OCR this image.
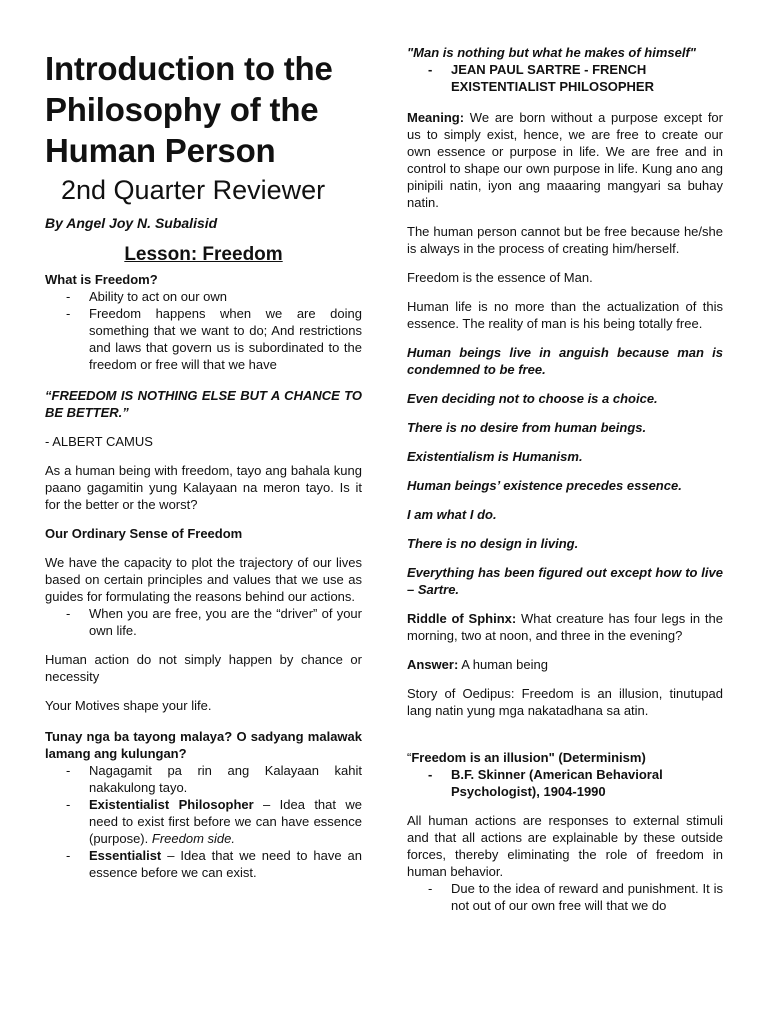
Introduction to the Philosophy of the Human Person
2nd Quarter Reviewer
By Angel Joy N. Subalisid
Lesson: Freedom

What is Freedom?

- Ability to act on our own
- Freedom happens when we are doing something that we want to do; And restrictions and laws that govern us is subordinated to the freedom or free will that we have

“FREEDOM IS NOTHING ELSE BUT A CHANCE TO BE BETTER.”

- ALBERT CAMUS

As a human being with freedom, tayo ang bahala kung paano gagamitin yung Kalayaan na meron tayo. Is it for the better or the worst?

Our Ordinary Sense of Freedom

We have the capacity to plot the trajectory of our lives based on certain principles and values that we use as guides for formulating the reasons behind our actions.

- When you are free, you are the “driver” of your own life.

Human action do not simply happen by chance or necessity

Your Motives shape your life.

Tunay nga ba tayong malaya? O sadyang malawak lamang ang kulungan?

- Nagagamit pa rin ang Kalayaan kahit nakakulong tayo.
- Existentialist Philosopher – Idea that we need to exist first before we can have essence (purpose). Freedom side.
- Essentialist – Idea that we need to have an essence before we can exist.

"Man is nothing but what he makes of himself"

- JEAN PAUL SARTRE - FRENCH EXISTENTIALIST PHILOSOPHER

Meaning: We are born without a purpose except for us to simply exist, hence, we are free to create our own essence or purpose in life. We are free and in control to shape our own purpose in life. Kung ano ang pinipili natin, iyon ang maaaring mangyari sa buhay natin.

The human person cannot but be free because he/she is always in the process of creating him/herself.

Freedom is the essence of Man.

Human life is no more than the actualization of this essence. The reality of man is his being totally free.

Human beings live in anguish because man is condemned to be free.

Even deciding not to choose is a choice.

There is no desire from human beings.

Existentialism is Humanism.

Human beings’ existence precedes essence.

I am what I do.

There is no design in living.

Everything has been figured out except how to live – Sartre.

Riddle of Sphinx: What creature has four legs in the morning, two at noon, and three in the evening?

Answer: A human being

Story of Oedipus: Freedom is an illusion, tinutupad lang natin yung mga nakatadhana sa atin.

“Freedom is an illusion" (Determinism)

- B.F. Skinner (American Behavioral Psychologist), 1904-1990

All human actions are responses to external stimuli and that all actions are explainable by these outside forces, thereby eliminating the role of freedom in human behavior.

- Due to the idea of reward and punishment. It is not out of our own free will that we do
